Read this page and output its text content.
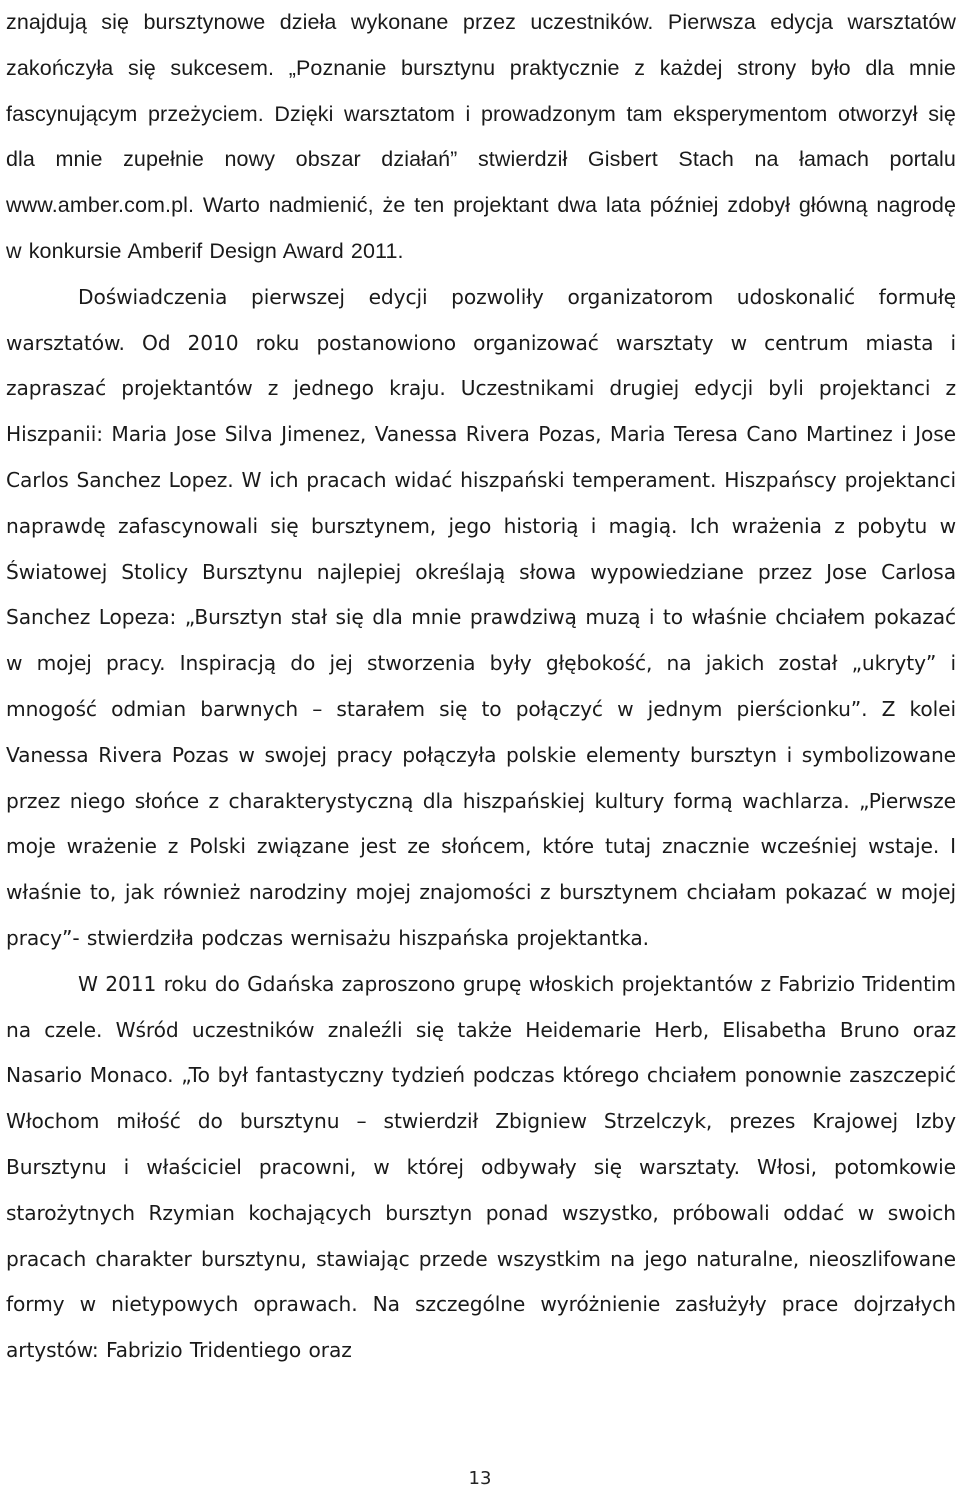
znajdują się bursztynowe dzieła wykonane przez uczestników. Pierwsza edycja warsztatów zakończyła się sukcesem. „Poznanie bursztynu praktycznie z każdej strony było dla mnie fascynującym przeżyciem. Dzięki warsztatom i prowadzonym tam eksperymentom otworzył się dla mnie zupełnie nowy obszar działań” stwierdził Gisbert Stach na łamach portalu www.amber.com.pl. Warto nadmienić, że ten projektant dwa lata później zdobył główną nagrodę w konkursie Amberif Design Award 2011.

Doświadczenia pierwszej edycji pozwoliły organizatorom udoskonalić formułę warsztatów. Od 2010 roku postanowiono organizować warsztaty w centrum miasta i zapraszać projektantów z jednego kraju. Uczestnikami drugiej edycji byli projektanci z Hiszpanii: Maria Jose Silva Jimenez, Vanessa Rivera Pozas, Maria Teresa Cano Martinez i Jose Carlos Sanchez Lopez. W ich pracach widać hiszpański temperament. Hiszpańscy projektanci naprawdę zafascynowali się bursztynem, jego historią i magią. Ich wrażenia z pobytu w Światowej Stolicy Bursztynu najlepiej określają słowa wypowiedziane przez Jose Carlosa Sanchez Lopeza: „Bursztyn stał się dla mnie prawdziwą muzą i to właśnie chciałem pokazać w mojej pracy. Inspiracją do jej stworzenia były głębokość, na jakich został „ukryty” i mnogość odmian barwnych – starałem się to połączyć w jednym pierścionku”. Z kolei Vanessa Rivera Pozas w swojej pracy połączyła polskie elementy bursztyn i symbolizowane przez niego słońce z charakterystyczną dla hiszpańskiej kultury formą wachlarza. „Pierwsze moje wrażenie z Polski związane jest ze słońcem, które tutaj znacznie wcześniej wstaje. I właśnie to, jak również narodziny mojej znajomości z bursztynem chciałam pokazać w mojej pracy”- stwierdziła podczas wernisażu hiszpańska projektantka.

W 2011 roku do Gdańska zaproszono grupę włoskich projektantów z Fabrizio Tridentim na czele. Wśród uczestników znaleźli się także Heidemarie Herb, Elisabetha Bruno oraz Nasario Monaco. „To był fantastyczny tydzień podczas którego chciałem ponownie zaszczepić Włochom miłość do bursztynu – stwierdził Zbigniew Strzelczyk, prezes Krajowej Izby Bursztynu i właściciel pracowni, w której odbywały się warsztaty. Włosi, potomkowie starożytnych Rzymian kochających bursztyn ponad wszystko, próbowali oddać w swoich pracach charakter bursztynu, stawiając przede wszystkim na jego naturalne, nieoszlifowane formy w nietypowych oprawach. Na szczególne wyróżnienie zasłużyły prace dojrzałych artystów: Fabrizio Tridentiego oraz

13
